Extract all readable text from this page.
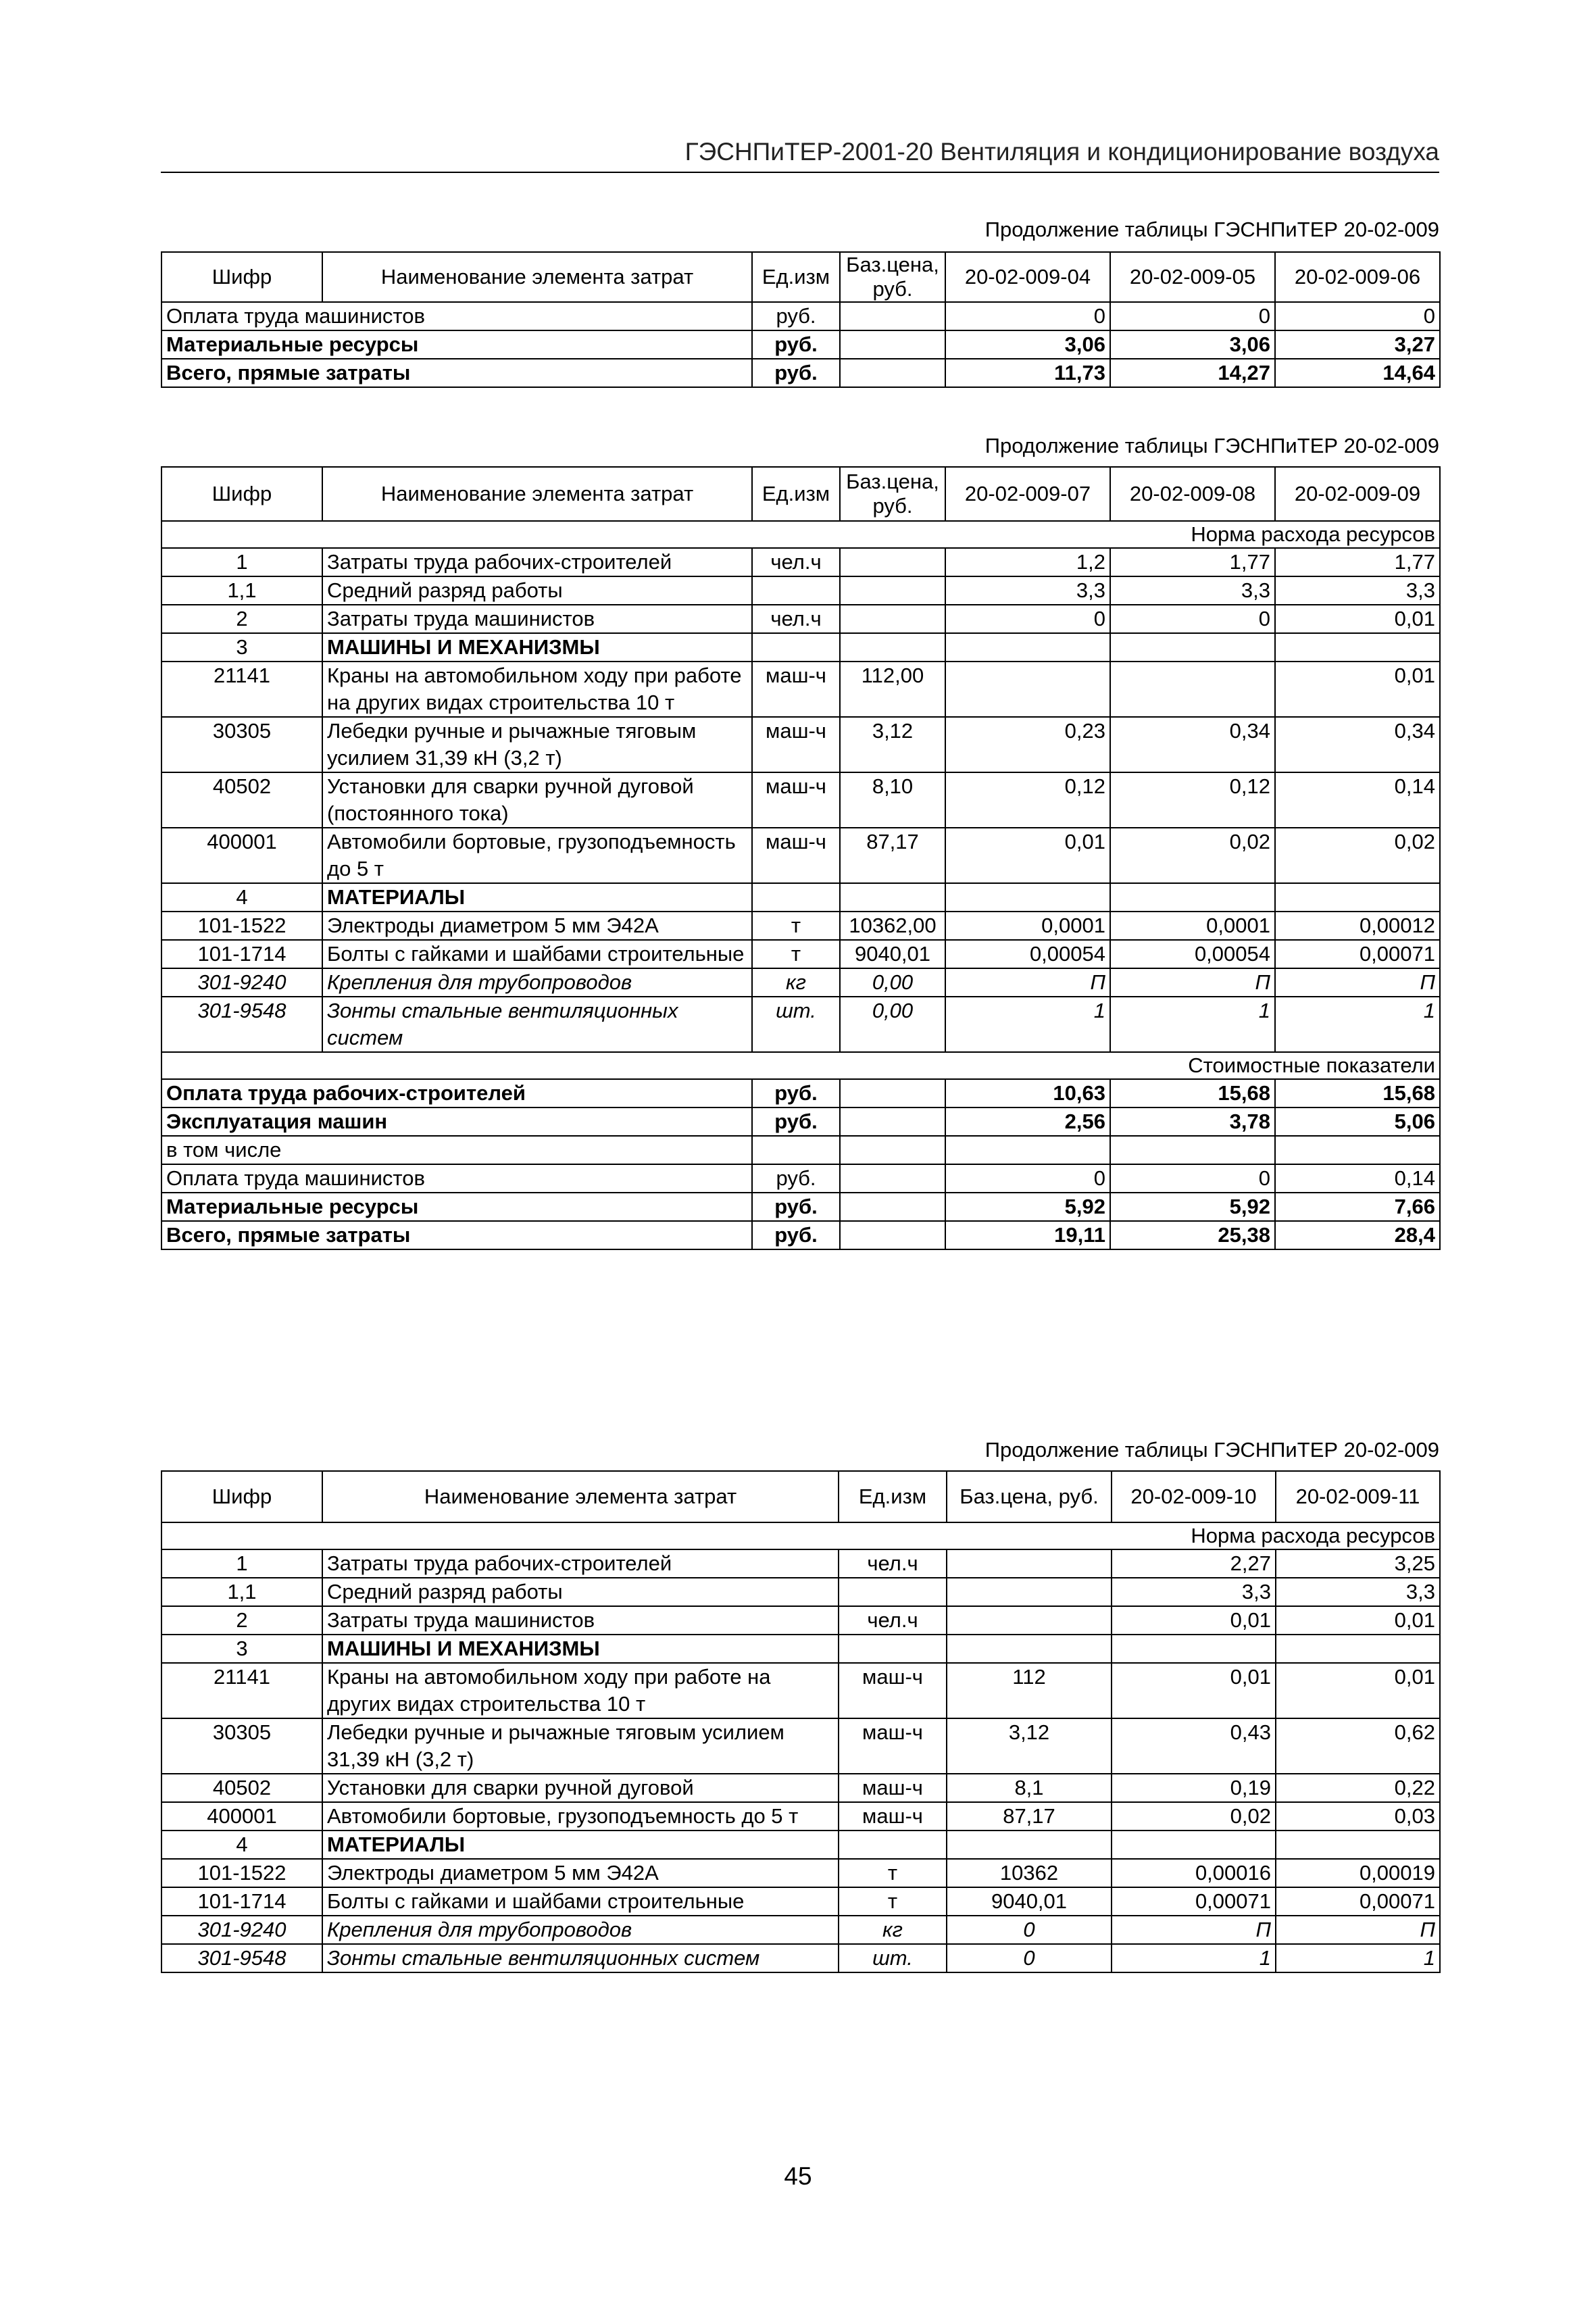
ГЭСНПиТЕР-2001-20 Вентиляция и кондиционирование воздуха
Продолжение таблицы ГЭСНПиТЕР 20-02-009
Шифр	Наименование элемента затрат	Ед.изм	Баз.цена, руб.	20-02-009-04	20-02-009-05	20-02-009-06
Оплата труда машинистов		руб.		0	0	0
Материальные ресурсы		руб.		3,06	3,06	3,27
Всего, прямые затраты		руб.		11,73	14,27	14,64
Продолжение таблицы ГЭСНПиТЕР 20-02-009
Шифр	Наименование элемента затрат	Ед.изм	Баз.цена, руб.	20-02-009-07	20-02-009-08	20-02-009-09
Норма расхода ресурсов						
1	Затраты труда рабочих-строителей	чел.ч		1,2	1,77	1,77
1,1	Средний разряд работы			3,3	3,3	3,3
2	Затраты труда машинистов	чел.ч		0	0	0,01
3	МАШИНЫ И МЕХАНИЗМЫ					
21141	Краны на автомобильном ходу при работе на других видах строительства 10 т	маш-ч	112,00			0,01
30305	Лебедки ручные и рычажные тяговым усилием 31,39 кН (3,2 т)	маш-ч	3,12	0,23	0,34	0,34
40502	Установки для сварки ручной дуговой (постоянного тока)	маш-ч	8,10	0,12	0,12	0,14
400001	Автомобили бортовые, грузоподъемность до 5 т	маш-ч	87,17	0,01	0,02	0,02
4	МАТЕРИАЛЫ					
101-1522	Электроды диаметром 5 мм Э42А	т	10362,00	0,0001	0,0001	0,00012
101-1714	Болты с гайками и шайбами строительные	т	9040,01	0,00054	0,00054	0,00071
301-9240	Крепления для трубопроводов	кг	0,00	П	П	П
301-9548	Зонты стальные вентиляционных систем	шт.	0,00	1	1	1
Стоимостные показатели						
Оплата труда рабочих-строителей		руб.		10,63	15,68	15,68
Эксплуатация машин		руб.		2,56	3,78	5,06
в том числе						
Оплата труда машинистов		руб.		0	0	0,14
Материальные ресурсы		руб.		5,92	5,92	7,66
Всего, прямые затраты		руб.		19,11	25,38	28,4
Продолжение таблицы ГЭСНПиТЕР 20-02-009
Шифр	Наименование элемента затрат	Ед.изм	Баз.цена, руб.	20-02-009-10	20-02-009-11
Норма расхода ресурсов					
1	Затраты труда рабочих-строителей	чел.ч		2,27	3,25
1,1	Средний разряд работы			3,3	3,3
2	Затраты труда машинистов	чел.ч		0,01	0,01
3	МАШИНЫ И МЕХАНИЗМЫ				
21141	Краны на автомобильном ходу при работе на других видах строительства 10 т	маш-ч	112	0,01	0,01
30305	Лебедки ручные и рычажные тяговым усилием 31,39 кН (3,2 т)	маш-ч	3,12	0,43	0,62
40502	Установки для сварки ручной дуговой	маш-ч	8,1	0,19	0,22
400001	Автомобили бортовые, грузоподъемность до 5 т	маш-ч	87,17	0,02	0,03
4	МАТЕРИАЛЫ				
101-1522	Электроды диаметром 5 мм Э42А	т	10362	0,00016	0,00019
101-1714	Болты с гайками и шайбами строительные	т	9040,01	0,00071	0,00071
301-9240	Крепления для трубопроводов	кг	0	П	П
301-9548	Зонты стальные вентиляционных систем	шт.	0	1	1
45
